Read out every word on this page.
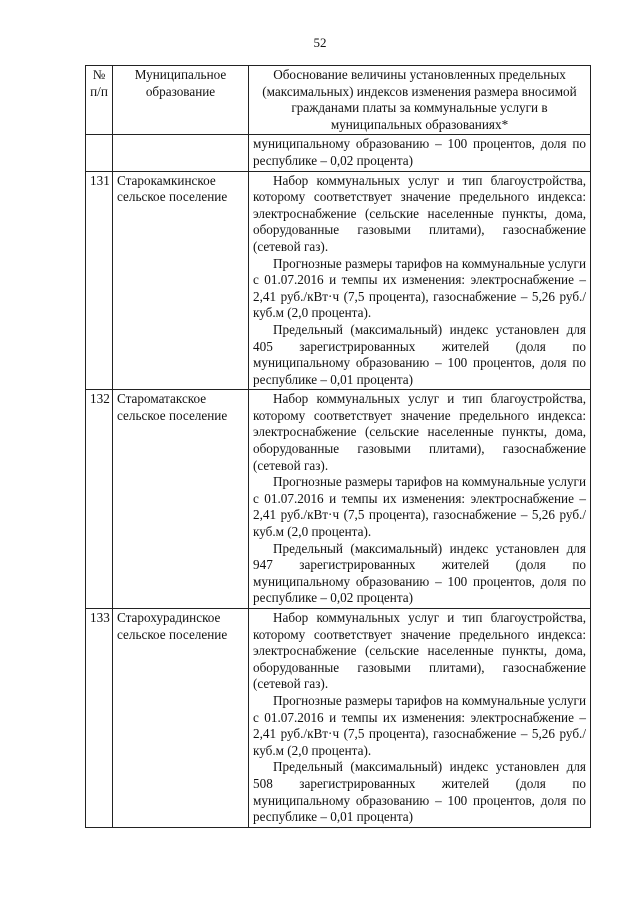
52
№ п/п	Муниципальное образование	Обоснование величины установленных предельных (максимальных) индексов изменения размера вносимой гражданами платы за коммунальные услуги в муниципальных образованиях*

		муниципальному образованию – 100 процентов, доля по республике – 0,02 процента)

131	Старокамкинское сельское поселение	Набор коммунальных услуг и тип благоустройства, которому соответствует значение предельного индекса: электроснабжение (сельские населенные пункты, дома, оборудованные газовыми плитами), газоснабжение (сетевой газ).

Прогнозные размеры тарифов на коммунальные услуги с 01.07.2016 и темпы их изменения: электроснабжение – 2,41 руб./кВт·ч (7,5 процента), газоснабжение – 5,26 руб./куб.м (2,0 процента).

Предельный (максимальный) индекс установлен для 405 зарегистрированных жителей (доля по муниципальному образованию – 100 процентов, доля по республике – 0,01 процента)

132	Староматакское сельское поселение	Набор коммунальных услуг и тип благоустройства, которому соответствует значение предельного индекса: электроснабжение (сельские населенные пункты, дома, оборудованные газовыми плитами), газоснабжение (сетевой газ).

Прогнозные размеры тарифов на коммунальные услуги с 01.07.2016 и темпы их изменения: электроснабжение – 2,41 руб./кВт·ч (7,5 процента), газоснабжение – 5,26 руб./куб.м (2,0 процента).

Предельный (максимальный) индекс установлен для 947 зарегистрированных жителей (доля по муниципальному образованию – 100 процентов, доля по республике – 0,02 процента)

133	Старохурадинское сельское поселение	Набор коммунальных услуг и тип благоустройства, которому соответствует значение предельного индекса: электроснабжение (сельские населенные пункты, дома, оборудованные газовыми плитами), газоснабжение (сетевой газ).

Прогнозные размеры тарифов на коммунальные услуги с 01.07.2016 и темпы их изменения: электроснабжение – 2,41 руб./кВт·ч (7,5 процента), газоснабжение – 5,26 руб./куб.м (2,0 процента).

Предельный (максимальный) индекс установлен для 508 зарегистрированных жителей (доля по муниципальному образованию – 100 процентов, доля по республике – 0,01 процента)
